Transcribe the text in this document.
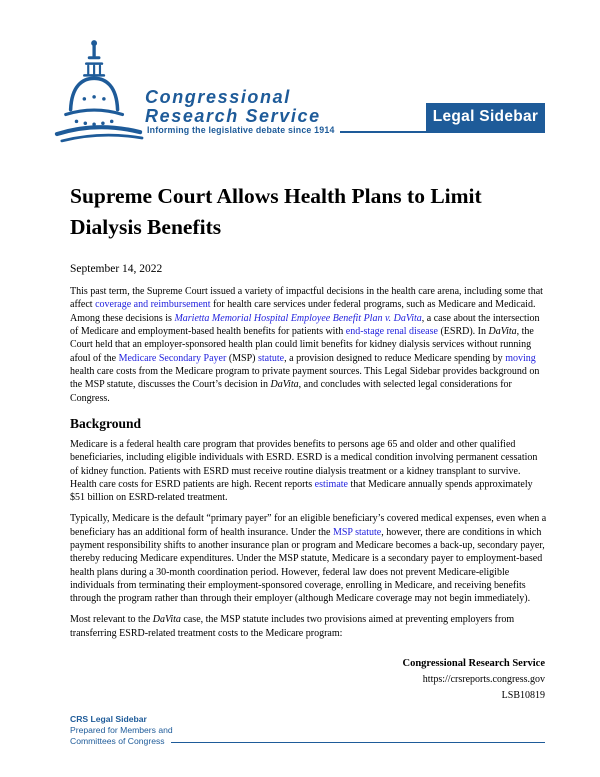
Congressional
Research Service
Informing the legislative debate since 1914
Legal Sidebar
Supreme Court Allows Health Plans to Limit Dialysis Benefits
September 14, 2022

This past term, the Supreme Court issued a variety of impactful decisions in the health care arena, including some that affect coverage and reimbursement for health care services under federal programs, such as Medicare and Medicaid. Among these decisions is Marietta Memorial Hospital Employee Benefit Plan v. DaVita, a case about the intersection of Medicare and employment-based health benefits for patients with end-stage renal disease (ESRD). In DaVita, the Court held that an employer-sponsored health plan could limit benefits for kidney dialysis services without running afoul of the Medicare Secondary Payer (MSP) statute, a provision designed to reduce Medicare spending by moving health care costs from the Medicare program to private payment sources. This Legal Sidebar provides background on the MSP statute, discusses the Court’s decision in DaVita, and concludes with selected legal considerations for Congress.

Background

Medicare is a federal health care program that provides benefits to persons age 65 and older and other qualified beneficiaries, including eligible individuals with ESRD. ESRD is a medical condition involving permanent cessation of kidney function. Patients with ESRD must receive routine dialysis treatment or a kidney transplant to survive. Health care costs for ESRD patients are high. Recent reports estimate that Medicare annually spends approximately $51 billion on ESRD-related treatment.

Typically, Medicare is the default “primary payer” for an eligible beneficiary’s covered medical expenses, even when a beneficiary has an additional form of health insurance. Under the MSP statute, however, there are conditions in which payment responsibility shifts to another insurance plan or program and Medicare becomes a back-up, secondary payer, thereby reducing Medicare expenditures. Under the MSP statute, Medicare is a secondary payer to employment-based health plans during a 30-month coordination period. However, federal law does not prevent Medicare-eligible individuals from terminating their employment-sponsored coverage, enrolling in Medicare, and receiving benefits through the program rather than through their employer (although Medicare coverage may not begin immediately).

Most relevant to the DaVita case, the MSP statute includes two provisions aimed at preventing employers from transferring ESRD-related treatment costs to the Medicare program:

Congressional Research Service
https://crsreports.congress.gov
LSB10819
CRS Legal Sidebar
Prepared for Members and
Committees of Congress
